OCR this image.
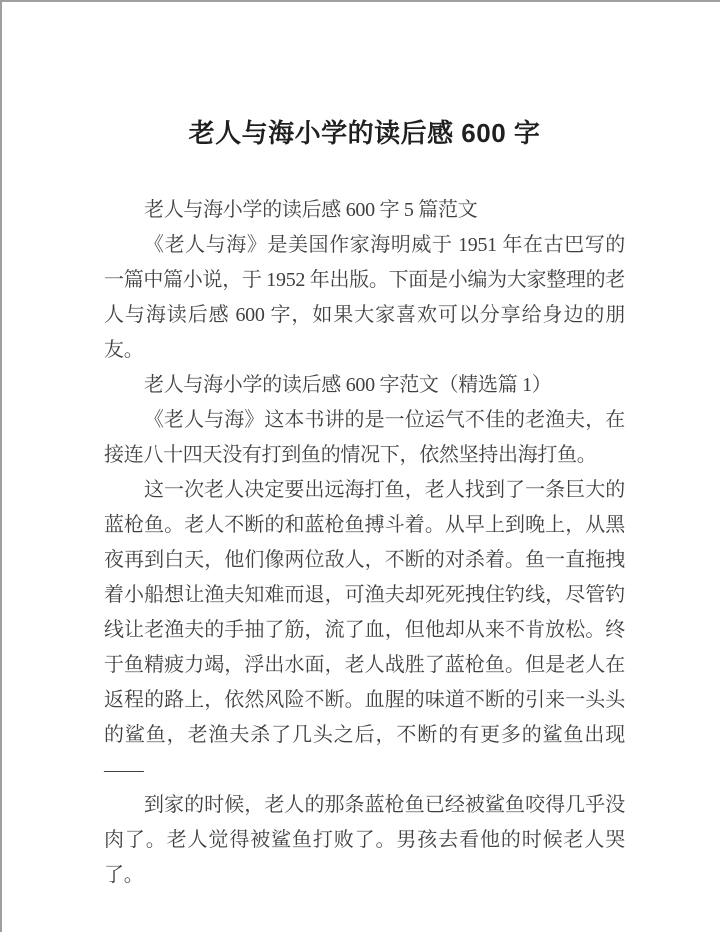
老人与海小学的读后感 600 字

老人与海小学的读后感 600 字 5 篇范文

《老人与海》是美国作家海明威于 1951 年在古巴写的一篇中篇小说，于 1952 年出版。下面是小编为大家整理的老人与海读后感 600 字，如果大家喜欢可以分享给身边的朋友。

老人与海小学的读后感 600 字范文（精选篇 1）

《老人与海》这本书讲的是一位运气不佳的老渔夫，在接连八十四天没有打到鱼的情况下，依然坚持出海打鱼。

这一次老人决定要出远海打鱼，老人找到了一条巨大的蓝枪鱼。老人不断的和蓝枪鱼搏斗着。从早上到晚上，从黑夜再到白天，他们像两位敌人，不断的对杀着。鱼一直拖拽着小船想让渔夫知难而退，可渔夫却死死拽住钓线，尽管钓线让老渔夫的手抽了筋，流了血，但他却从来不肯放松。终于鱼精疲力竭，浮出水面，老人战胜了蓝枪鱼。但是老人在返程的路上，依然风险不断。血腥的味道不断的引来一头头的鲨鱼，老渔夫杀了几头之后，不断的有更多的鲨鱼出现——

到家的时候，老人的那条蓝枪鱼已经被鲨鱼咬得几乎没肉了。老人觉得被鲨鱼打败了。男孩去看他的时候老人哭了。
